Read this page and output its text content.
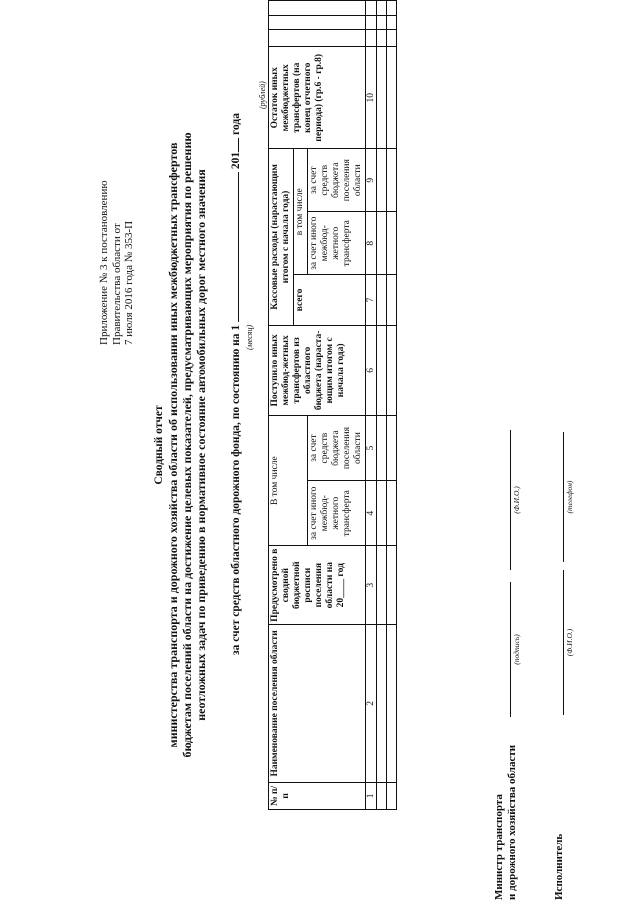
Приложение № 3 к постановлению Правительства области от 7 июля 2016 года № 353-П
Сводный отчет министерства транспорта и дорожного хозяйства области об использовании иных межбюджетных трансфертов бюджетам поселений области на достижение целевых показателей, предусматривающих мероприятия по решению неотложных задач по приведению в нормативное состояние автомобильных дорог местного значения за счет средств областного дорожного фонда, по состоянию на 1  201 года
(месяц)
(рублей)
№ п/п	Наименование поселения области	Предусмотрено в сводной бюджетной росписи поселения области на 20____ год	В том числе		Поступило иных межбюд-жетных трансфертов из областного бюджета (нараста-ющим итогом с начала года)	Кассовые расходы (нарастающим итогом с начала года)			Остаток иных межбюджетных трансфертов (на конец отчетного периода) (гр.6 - гр.8)			
						всего	в том числе					
			за счет иного межбюд-жетного трансферта	за счет средств бюджета поселения области			за счет иного межбюд-жетного трансферта	за счет средств бюджета поселения области				
1	2	3	4	5	6	7	8	9	10			

Министр транспорта и дорожного хозяйства области
(подпись)
(Ф.И.О.)
Исполнитель
(Ф.И.О.)
(телефон)
